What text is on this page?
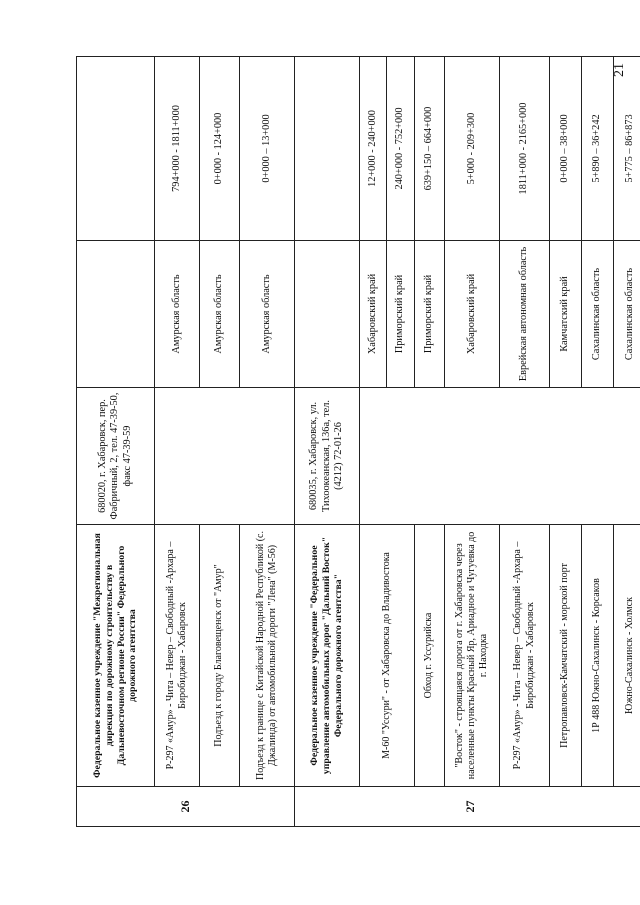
21
26	Федеральное казенное учреждение "Межрегиональная дирекция по дорожному строительству в Дальневосточном регионе России" Федерального дорожного агентства	680020, г. Хабаровск, пер. Фабричный, 2, тел. 47-39-50, факс 47-39-59		
	Р-297 «Амур» - Чита – Невер – Свободный -Архара – Биробиджан - Хабаровск		Амурская область	794+000 - 1811+000
	Подъезд к городу Благовещенск от "Амур"		Амурская область	0+000 - 124+000
	Подъезд к границе с Китайской Народной Республикой (с. Джалинда) от автомобильной дороги "Лена" (М-56)		Амурская область	0+000 – 13+000
27	Федеральное казенное учреждение "Федеральное управление автомобильных дорог "Дальний Восток" Федерального дорожного агентства"	680035, г. Хабаровск, ул. Тихоокеанская, 136а, тел. (4212) 72-01-26		
	М-60 "Уссури" - от Хабаровска до Владивостока		Хабаровский край	12+000 - 240+000
			Приморский край	240+000 - 752+000
	Обход г. Уссурийска		Приморский край	639+150 – 664+000
	"Восток" - строящаяся дорога от г. Хабаровска через населенные пункты Красный Яр, Ариадное и Чугуевка до г. Находка		Хабаровский край	5+000 - 209+300
	Р-297 «Амур» - Чита – Невер – Свободный -Архара – Биробиджан - Хабаровск		Еврейская автономная область	1811+000 - 2165+000
	Петропавловск-Камчатский - морской порт		Камчатский край	0+000 – 38+000
	1Р 488 Южно-Сахалинск - Корсаков		Сахалинская область	5+890 – 36+242
	Южно-Сахалинск - Холмск		Сахалинская область	5+775 – 86+873
